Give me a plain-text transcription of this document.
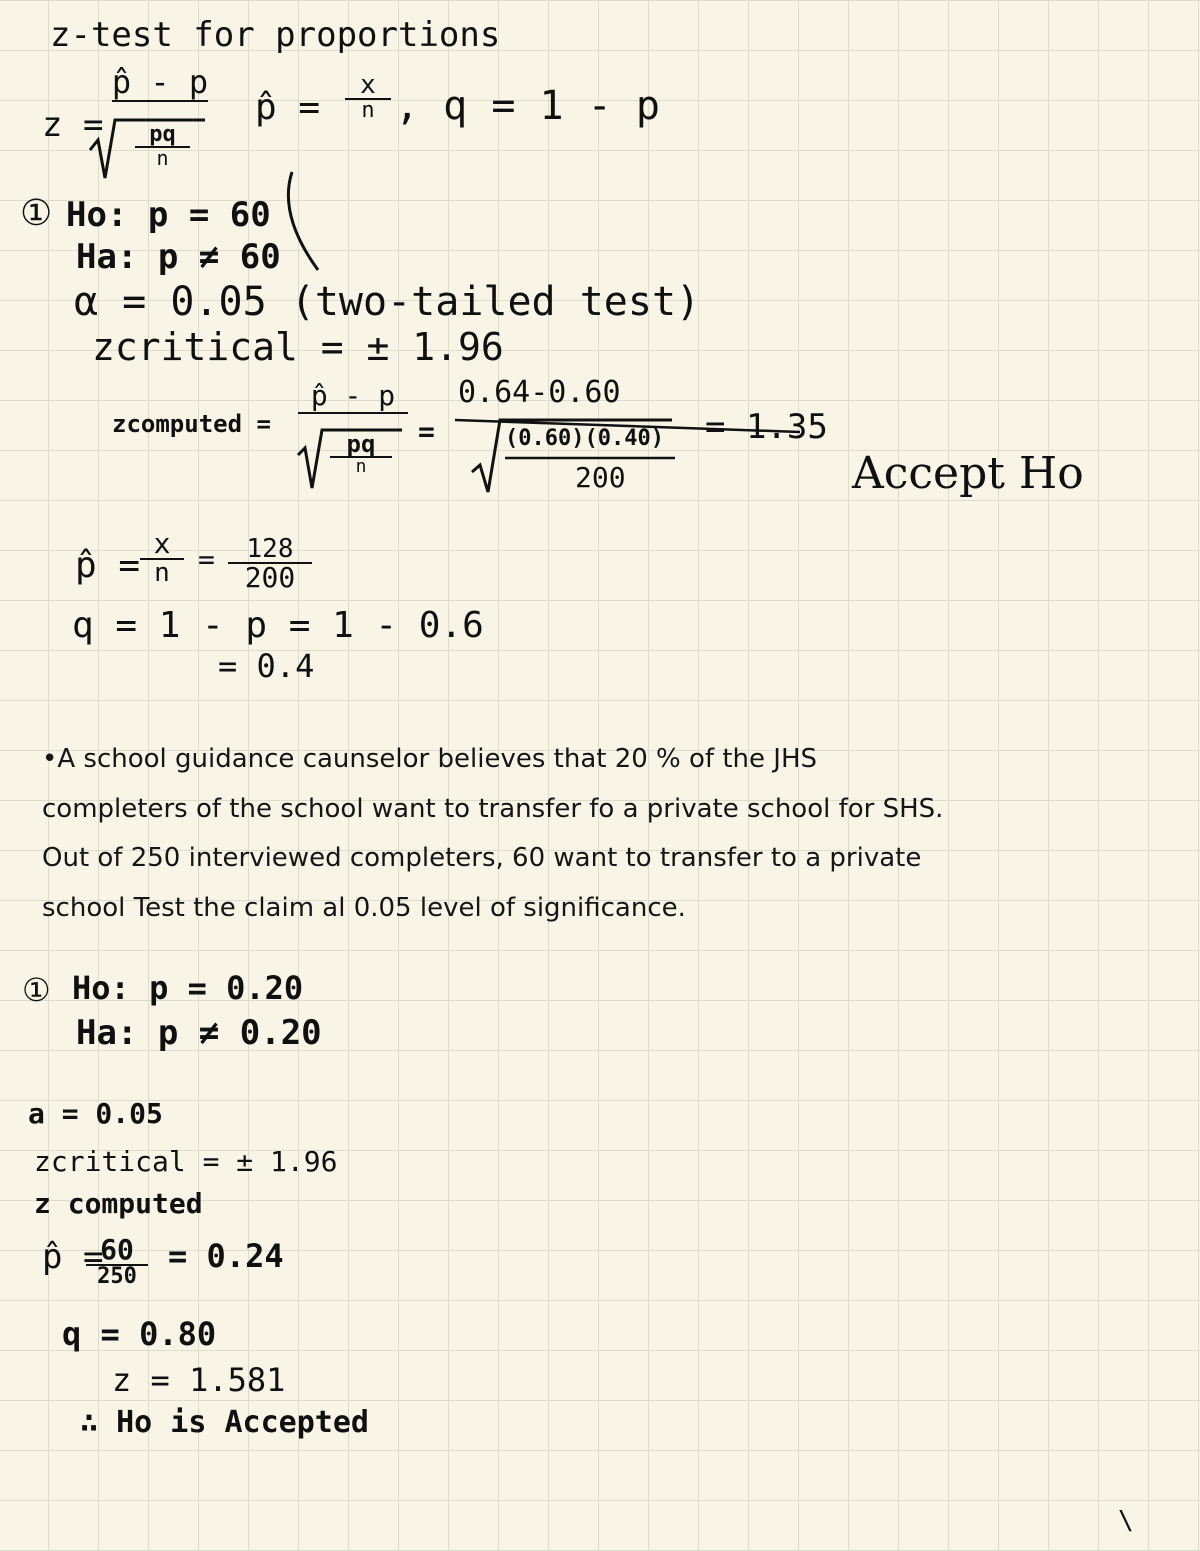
z-test for proportions
z =
p̂ - p
pq
n
p̂ =
x
n , q = 1 - p
① Ho: p = 60
Ha: p ≠ 60
α = 0.05 (two-tailed test)
zcritical = ± 1.96
zcomputed =
p̂ - p
pq
n
=
0.64-0.60
(0.60)(0.40)
200
= 1.35
Accept Ho
p̂ =
x
n = 128
200
q = 1 - p = 1 - 0.6
= 0.4
•A school guidance caunselor believes that 20 % of the JHS
completers of the school want to transfer fo a private school for SHS.
Out of 250 interviewed completers, 60 want to transfer to a private
school Test the claim al 0.05 level of significance.
① Ho: p = 0.20
Ha: p ≠ 0.20
a = 0.05
zcritical = ± 1.96
z computed
p̂ =
60
250
= 0.24
q = 0.80
z = 1.581
∴ Ho is Accepted
\
